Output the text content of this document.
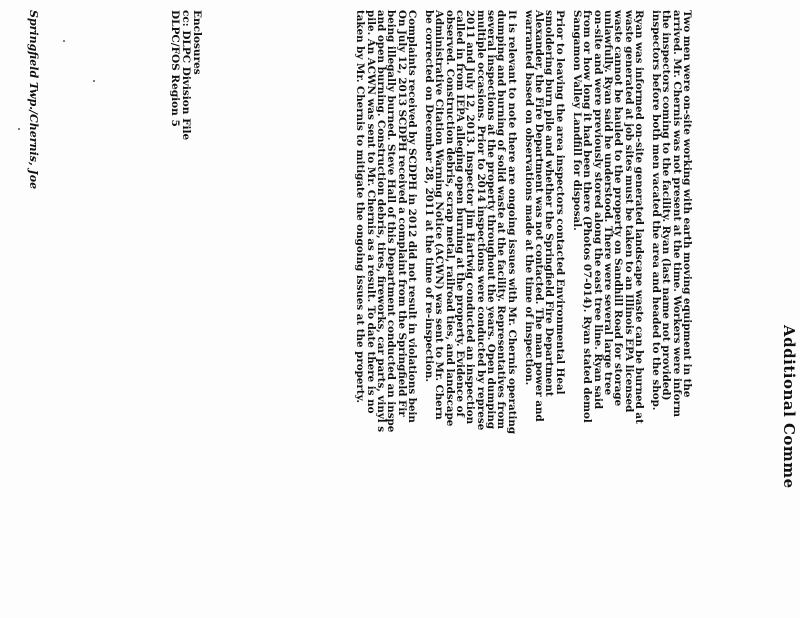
Additional Comme
Two men were on-site working with earth moving equipment in the
arrived. Mr. Chernis was not present at the time. Workers were inform
the inspectors coming to the facility. Ryan (last name not provided)
inspectors before both men vacated the area and headed to the shop.
Ryan was informed on-site generated landscape waste can be burned at
waste generated at job sites must be taken to an Illinois EPA licensed
waste cannot be hauled to the property on Sandhill Road for storage
unlawfully. Ryan said he understood. There were several large tree
on-site and were previously stored along the east tree line. Ryan said
from or how long it had been there (Photos 07-014). Ryan stated demol
Sangamon Valley Landfill for disposal.
Prior to leaving the area inspectors contacted Environmental Heal
smoldering burn pile and whether the Springfield Fire Department
Alexander, the Fire Department was not contacted. The man power and
warranted based on observations made at the time of inspection.
It is relevant to note there are ongoing issues with Mr. Chernis operating
dumping and burning of solid waste at the facility. Representatives from
several inspections at the property throughout the years. Open dumping
multiple occasions. Prior to 2014 inspections were conducted by represe
2011 and July 12, 2013. Inspector Jim Hartwig conducted an inspection
called in from IEPA alleging open burning at the property. Evidence of
observed. Construction debris, scrap metal, railroad ties, and landscape
Administrative Citation Warning Notice (ACWN) was sent to Mr. Chern
be corrected on December 28, 2011 at the time of re-inspection.
Complaints received by SCDPH in 2012 did not result in violations bein
On July 12, 2013 SCDPH received a complaint from the Springfield Fir
being illegally burned. Steve Hall of this Department conducted an inspe
and open burning. Construction debris, tires, fireworks, car parts, vinyl s
pile. An ACWN was sent to Mr. Chernis as a result. To date there is no
taken by Mr. Chernis to mitigate the ongoing issues at the property.
Enclosures
cc: DLPC Division File
DLPC/FOS Region 5
Springfield Twp./Chernis, Joe
